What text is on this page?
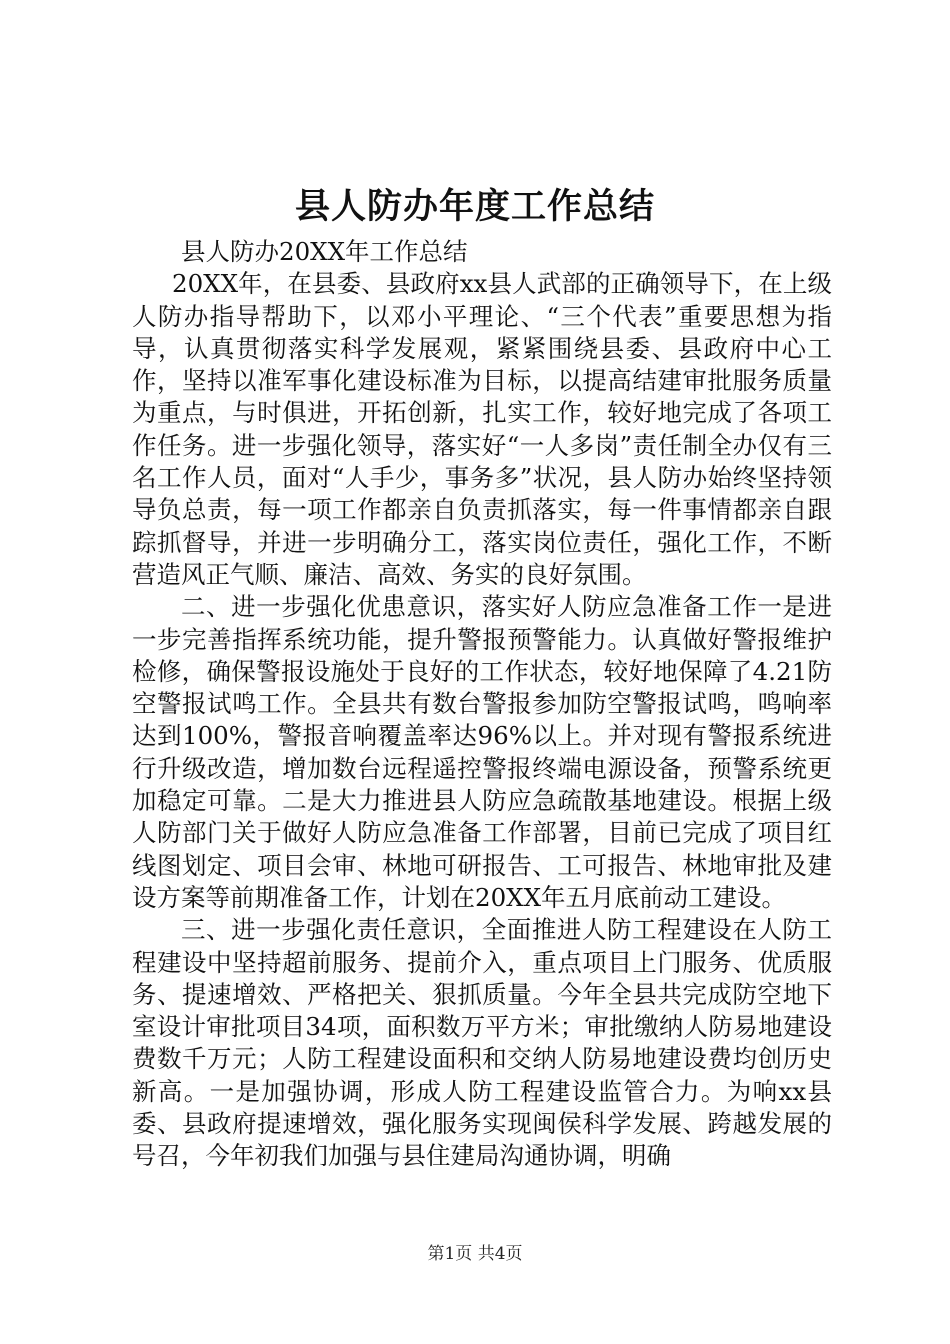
县人防办年度工作总结

县人防办20XX年工作总结

20XX年，在县委、县政府xx县人武部的正确领导下，在上级人防办指导帮助下，以邓小平理论、“三个代表”重要思想为指导，认真贯彻落实科学发展观，紧紧围绕县委、县政府中心工作，坚持以准军事化建设标准为目标，以提高结建审批服务质量为重点，与时俱进，开拓创新，扎实工作，较好地完成了各项工作任务。进一步强化领导，落实好“一人多岗”责任制全办仅有三名工作人员，面对“人手少，事务多”状况，县人防办始终坚持领导负总责，每一项工作都亲自负责抓落实，每一件事情都亲自跟踪抓督导，并进一步明确分工，落实岗位责任，强化工作，不断营造风正气顺、廉洁、高效、务实的良好氛围。

二、进一步强化优患意识，落实好人防应急准备工作一是进一步完善指挥系统功能，提升警报预警能力。认真做好警报维护检修，确保警报设施处于良好的工作状态，较好地保障了4.21防空警报试鸣工作。全县共有数台警报参加防空警报试鸣，鸣响率达到100%，警报音响覆盖率达96%以上。并对现有警报系统进行升级改造，增加数台远程遥控警报终端电源设备，预警系统更加稳定可靠。二是大力推进县人防应急疏散基地建设。根据上级人防部门关于做好人防应急准备工作部署，目前已完成了项目红线图划定、项目会审、林地可研报告、工可报告、林地审批及建设方案等前期准备工作，计划在20XX年五月底前动工建设。

三、进一步强化责任意识，全面推进人防工程建设在人防工程建设中坚持超前服务、提前介入，重点项目上门服务、优质服务、提速增效、严格把关、狠抓质量。今年全县共完成防空地下室设计审批项目34项，面积数万平方米；审批缴纳人防易地建设费数千万元；人防工程建设面积和交纳人防易地建设费均创历史新高。一是加强协调，形成人防工程建设监管合力。为响xx县委、县政府提速增效，强化服务实现闽侯科学发展、跨越发展的号召，今年初我们加强与县住建局沟通协调，明确

第1页 共4页
